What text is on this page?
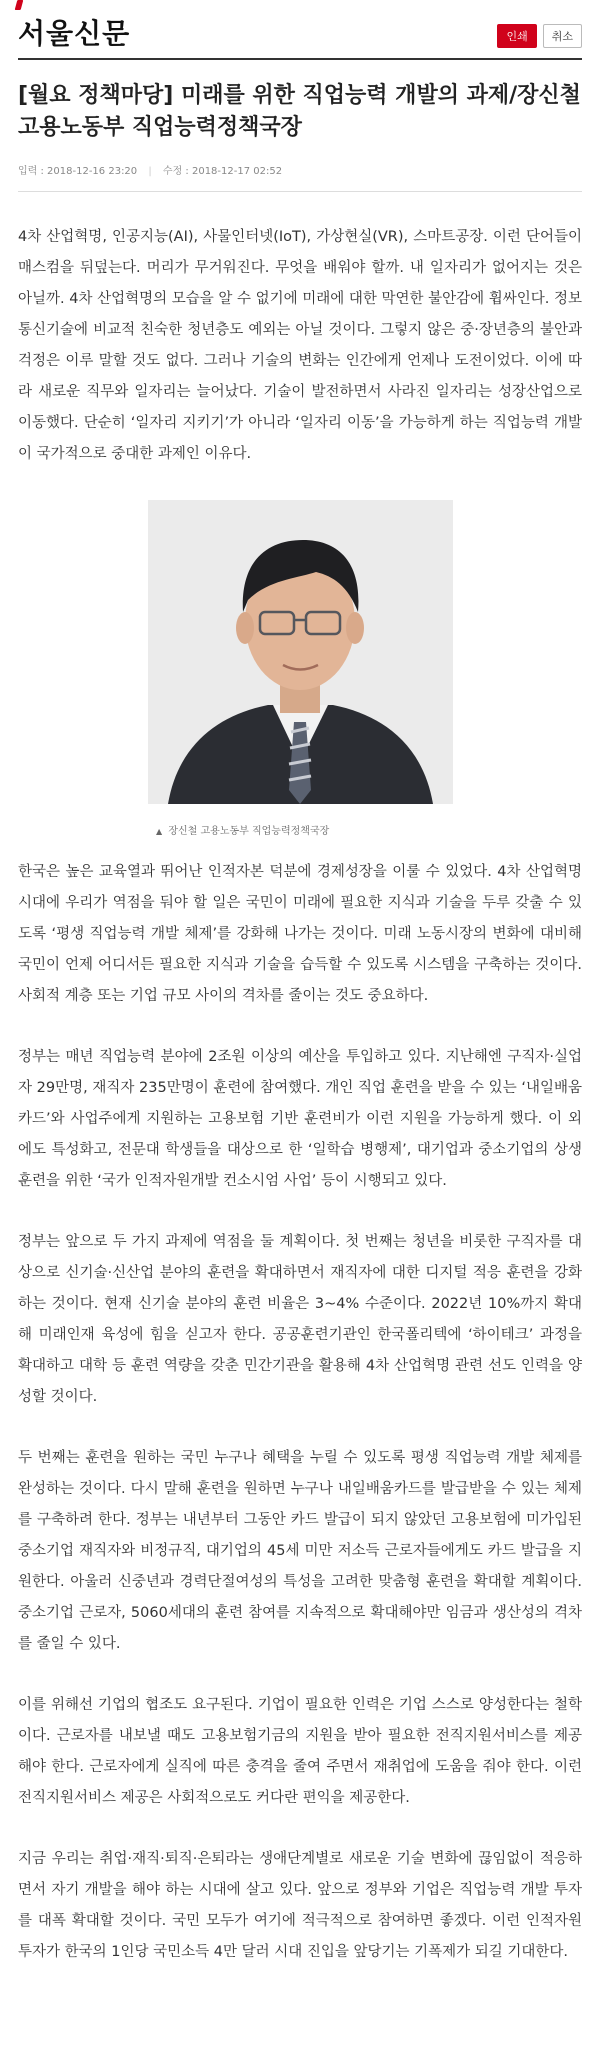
서울신문	인쇄	취소
[월요 정책마당] 미래를 위한 직업능력 개발의 과제/장신철 고용노동부 직업능력정책국장
입력 : 2018-12-16 23:20 | 수정 : 2018-12-17 02:52

4차 산업혁명, 인공지능(AI), 사물인터넷(IoT), 가상현실(VR), 스마트공장. 이런 단어들이 매스컴을 뒤덮는다. 머리가 무거워진다. 무엇을 배워야 할까. 내 일자리가 없어지는 것은 아닐까. 4차 산업혁명의 모습을 알 수 없기에 미래에 대한 막연한 불안감에 휩싸인다. 정보통신기술에 비교적 친숙한 청년층도 예외는 아닐 것이다. 그렇지 않은 중·장년층의 불안과 걱정은 이루 말할 것도 없다. 그러나 기술의 변화는 인간에게 언제나 도전이었다. 이에 따라 새로운 직무와 일자리는 늘어났다. 기술이 발전하면서 사라진 일자리는 성장산업으로 이동했다. 단순히 ‘일자리 지키기’가 아니라 ‘일자리 이동’을 가능하게 하는 직업능력 개발이 국가적으로 중대한 과제인 이유다.

▲ 장신철 고용노동부 직업능력정책국장

한국은 높은 교육열과 뛰어난 인적자본 덕분에 경제성장을 이룰 수 있었다. 4차 산업혁명 시대에 우리가 역점을 둬야 할 일은 국민이 미래에 필요한 지식과 기술을 두루 갖출 수 있도록 ‘평생 직업능력 개발 체제’를 강화해 나가는 것이다. 미래 노동시장의 변화에 대비해 국민이 언제 어디서든 필요한 지식과 기술을 습득할 수 있도록 시스템을 구축하는 것이다. 사회적 계층 또는 기업 규모 사이의 격차를 줄이는 것도 중요하다.

정부는 매년 직업능력 분야에 2조원 이상의 예산을 투입하고 있다. 지난해엔 구직자·실업자 29만명, 재직자 235만명이 훈련에 참여했다. 개인 직업 훈련을 받을 수 있는 ‘내일배움카드’와 사업주에게 지원하는 고용보험 기반 훈련비가 이런 지원을 가능하게 했다. 이 외에도 특성화고, 전문대 학생들을 대상으로 한 ‘일학습 병행제’, 대기업과 중소기업의 상생 훈련을 위한 ‘국가 인적자원개발 컨소시엄 사업’ 등이 시행되고 있다.

정부는 앞으로 두 가지 과제에 역점을 둘 계획이다. 첫 번째는 청년을 비롯한 구직자를 대상으로 신기술·신산업 분야의 훈련을 확대하면서 재직자에 대한 디지털 적응 훈련을 강화하는 것이다. 현재 신기술 분야의 훈련 비율은 3~4% 수준이다. 2022년 10%까지 확대해 미래인재 육성에 힘을 싣고자 한다. 공공훈련기관인 한국폴리텍에 ‘하이테크’ 과정을 확대하고 대학 등 훈련 역량을 갖춘 민간기관을 활용해 4차 산업혁명 관련 선도 인력을 양성할 것이다.

두 번째는 훈련을 원하는 국민 누구나 혜택을 누릴 수 있도록 평생 직업능력 개발 체제를 완성하는 것이다. 다시 말해 훈련을 원하면 누구나 내일배움카드를 발급받을 수 있는 체제를 구축하려 한다. 정부는 내년부터 그동안 카드 발급이 되지 않았던 고용보험에 미가입된 중소기업 재직자와 비정규직, 대기업의 45세 미만 저소득 근로자들에게도 카드 발급을 지원한다. 아울러 신중년과 경력단절여성의 특성을 고려한 맞춤형 훈련을 확대할 계획이다. 중소기업 근로자, 5060세대의 훈련 참여를 지속적으로 확대해야만 임금과 생산성의 격차를 줄일 수 있다.

이를 위해선 기업의 협조도 요구된다. 기업이 필요한 인력은 기업 스스로 양성한다는 철학이다. 근로자를 내보낼 때도 고용보험기금의 지원을 받아 필요한 전직지원서비스를 제공해야 한다. 근로자에게 실직에 따른 충격을 줄여 주면서 재취업에 도움을 줘야 한다. 이런 전직지원서비스 제공은 사회적으로도 커다란 편익을 제공한다.

지금 우리는 취업·재직·퇴직·은퇴라는 생애단계별로 새로운 기술 변화에 끊임없이 적응하면서 자기 개발을 해야 하는 시대에 살고 있다. 앞으로 정부와 기업은 직업능력 개발 투자를 대폭 확대할 것이다. 국민 모두가 여기에 적극적으로 참여하면 좋겠다. 이런 인적자원 투자가 한국의 1인당 국민소득 4만 달러 시대 진입을 앞당기는 기폭제가 되길 기대한다.
